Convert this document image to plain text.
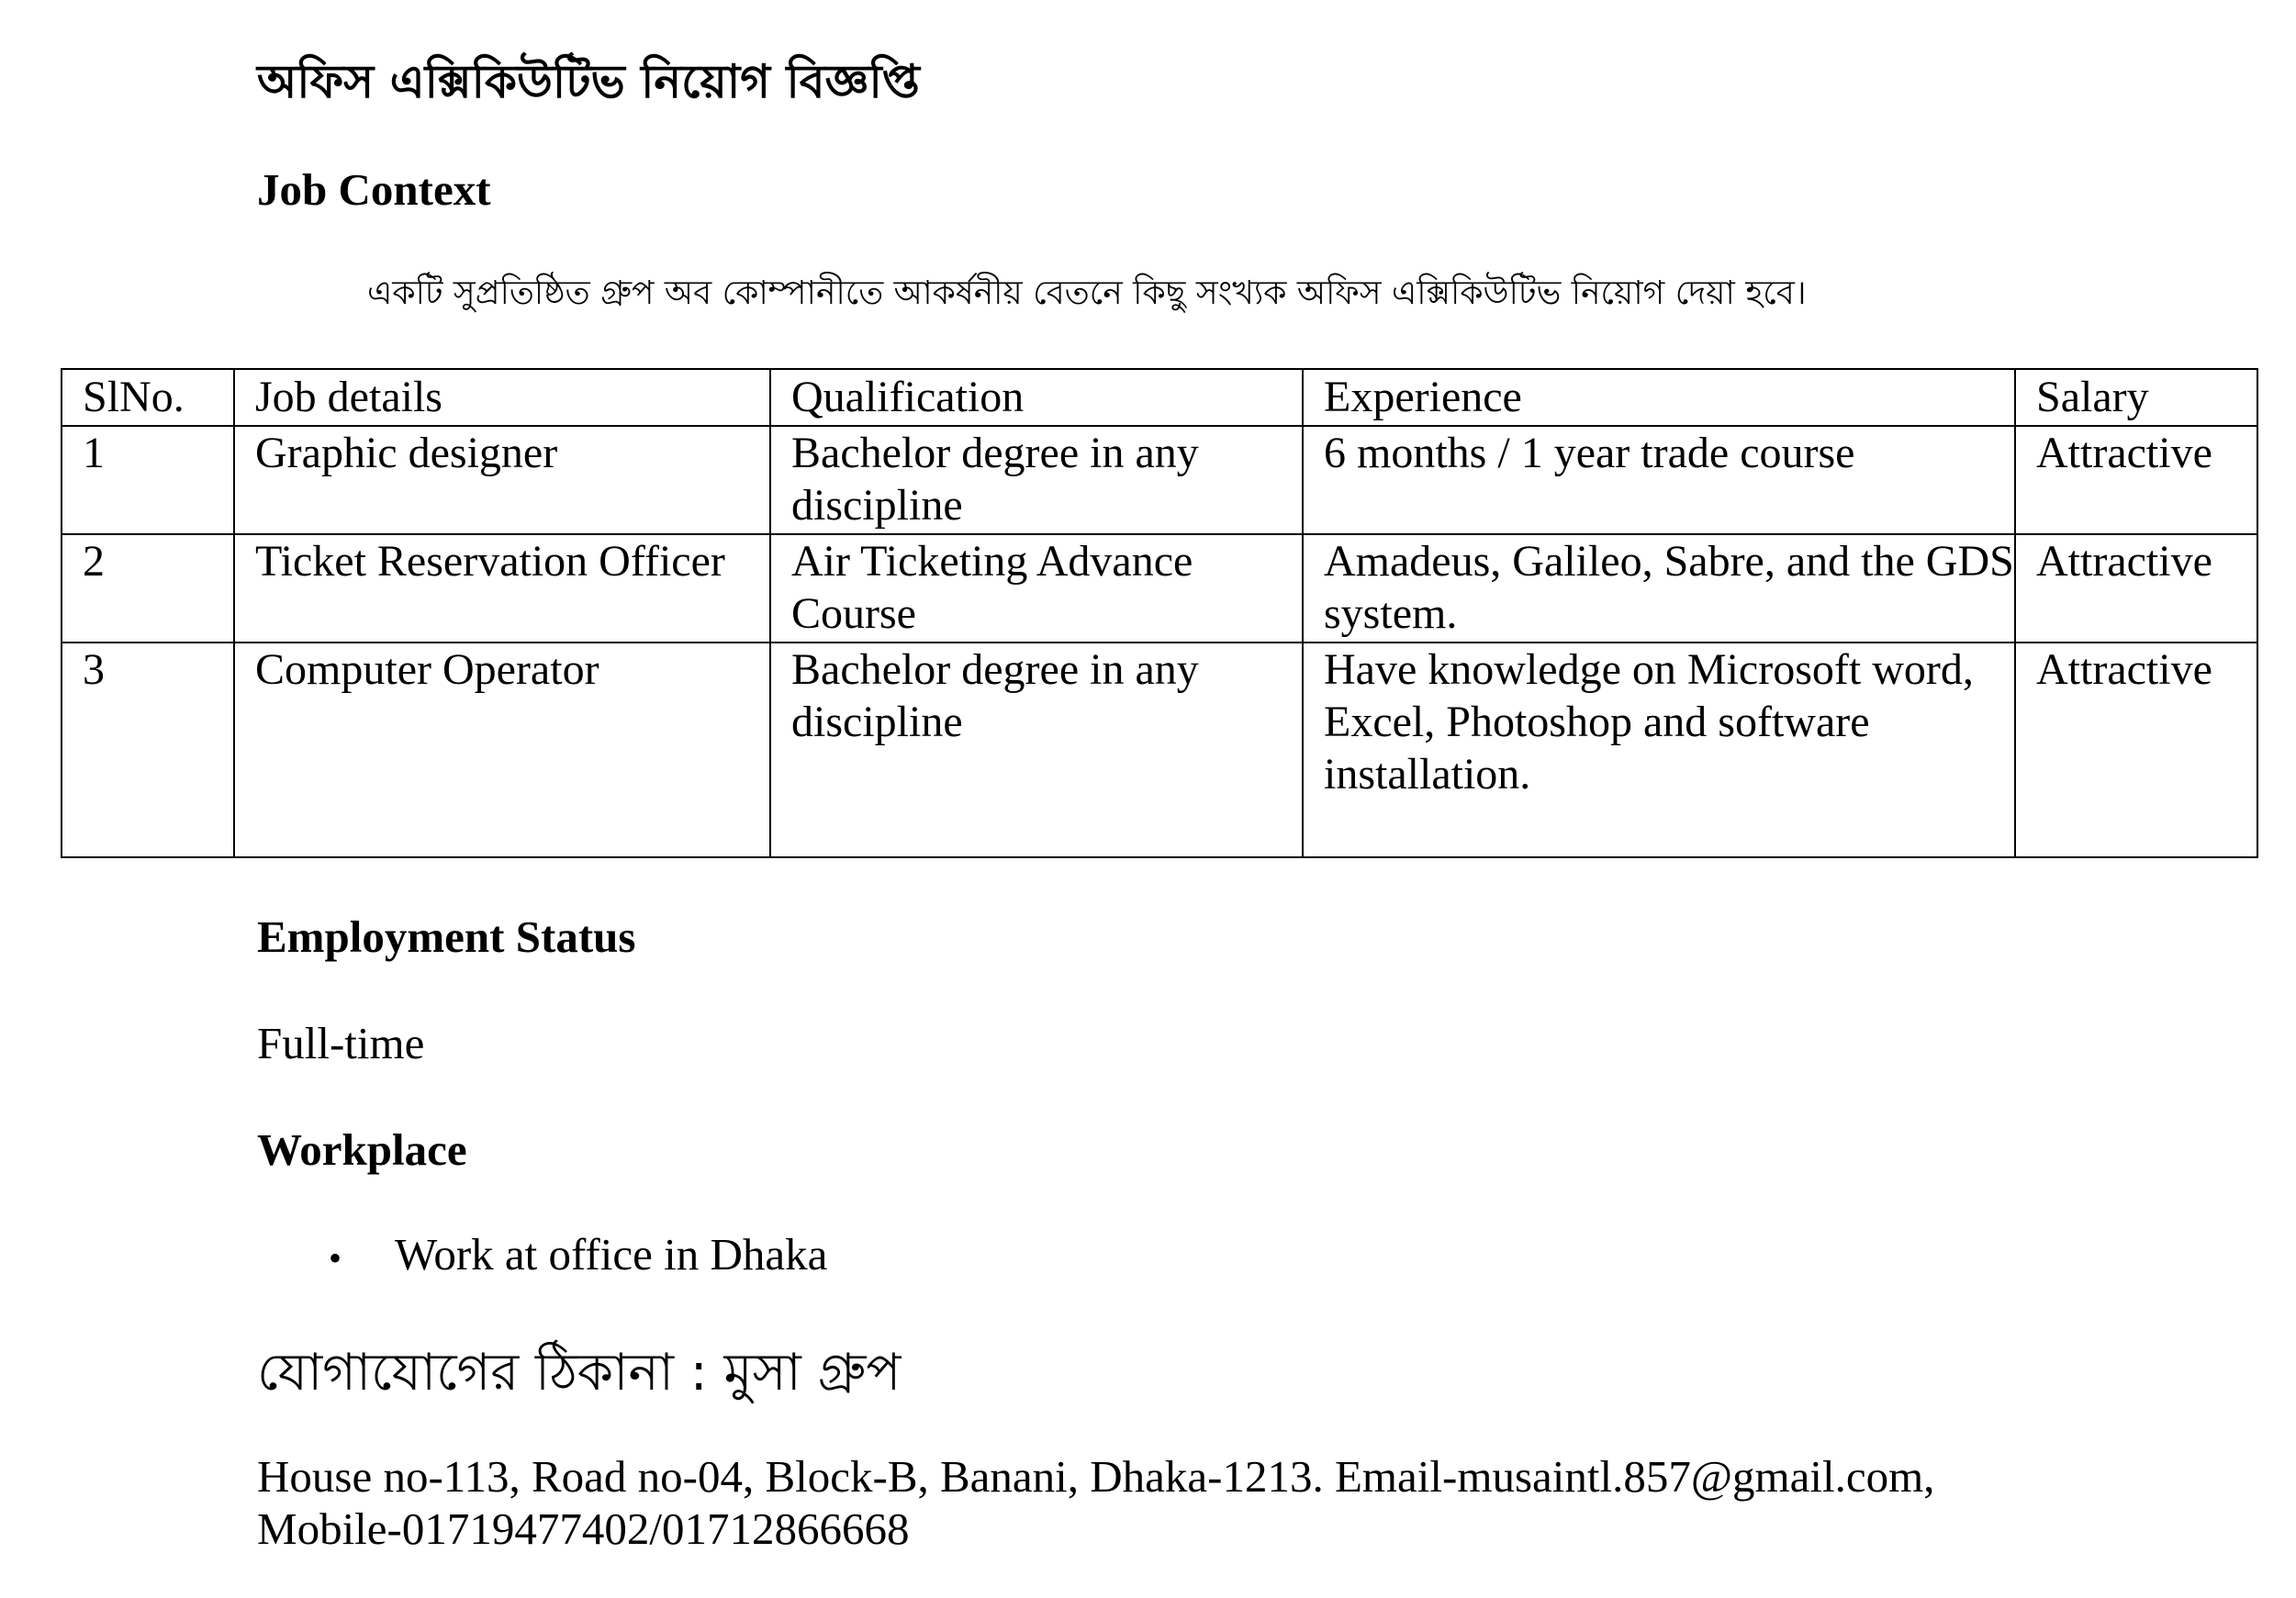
অফিস এক্সিকিউটিভ নিয়োগ বিজ্ঞপ্তি
Job Context
একটি সুপ্রতিষ্ঠিত গ্রুপ অব কোম্পানীতে আকর্ষনীয় বেতনে কিছু সংখ্যক অফিস এক্সিকিউটিভ নিয়োগ দেয়া হবে।
SlNo.	Job details	Qualification	Experience	Salary
1	Graphic designer	Bachelor degree in any discipline	6 months / 1 year trade course	Attractive
2	Ticket Reservation Officer	Air Ticketing Advance Course	Amadeus, Galileo, Sabre, and the GDS system.	Attractive
3	Computer Operator	Bachelor degree in any discipline	Have knowledge on Microsoft word, Excel, Photoshop and software installation.	Attractive
Employment Status
Full-time
Workplace
• Work at office in Dhaka
যোগাযোগের ঠিকানা : মুসা গ্রুপ
House no-113, Road no-04, Block-B, Banani, Dhaka-1213. Email-musaintl.857@gmail.com,
Mobile-01719477402/01712866668
